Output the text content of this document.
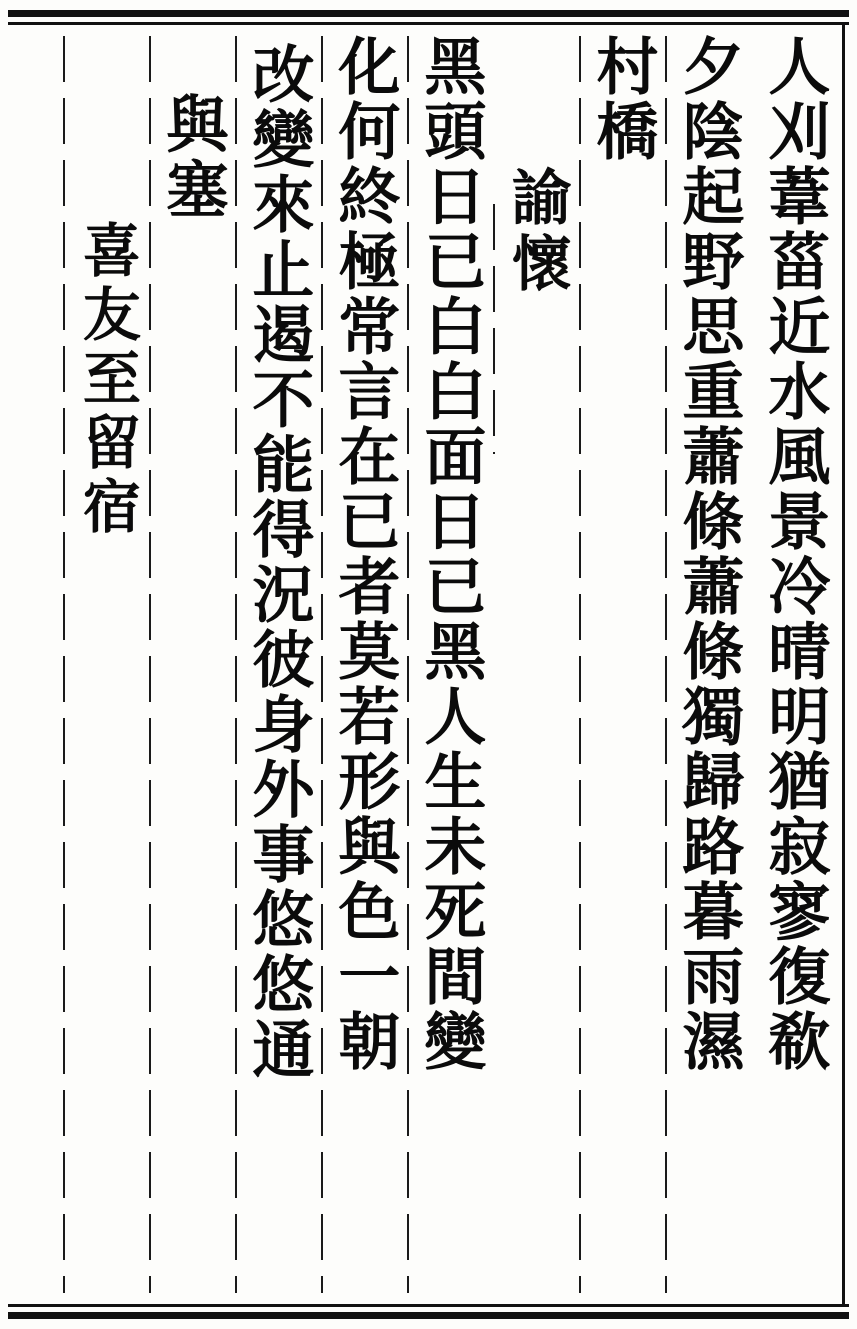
人刈葦菑近水風景冷晴明猶寂寥復欷
夕陰起野思重蕭條蕭條獨歸路暮雨濕
村橋
諭懷
黑頭日已白白面日已黑人生未死間變
化何終極常言在已者莫若形與色一朝
改變來止遏不能得況彼身外事悠悠通
與塞
喜友至留宿
